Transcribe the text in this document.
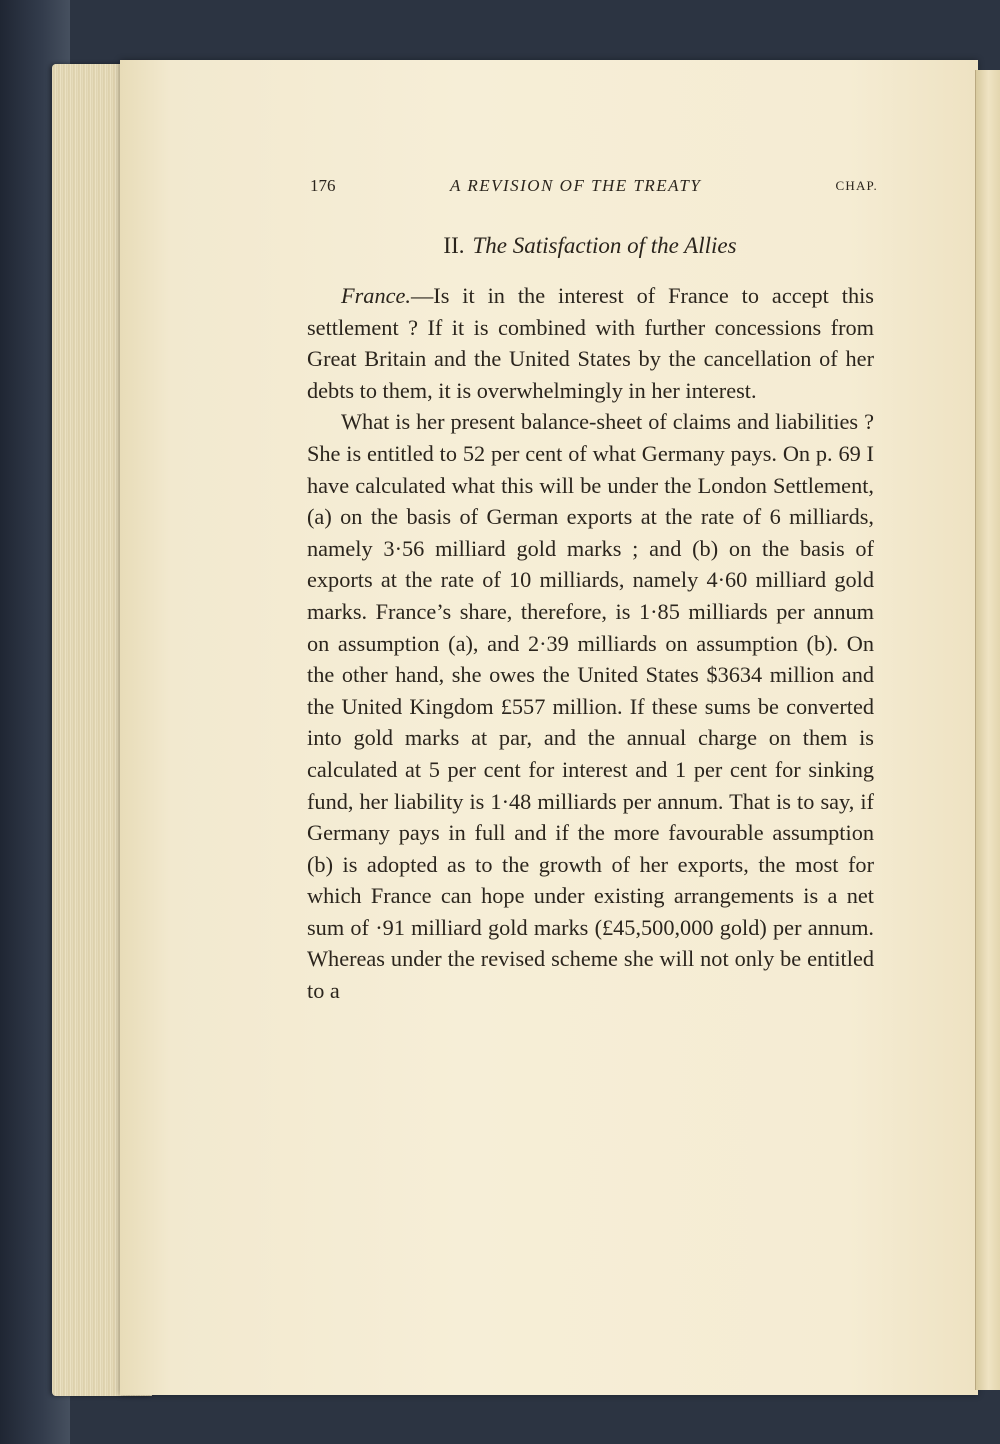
176	A REVISION OF THE TREATY	CHAP.
II. The Satisfaction of the Allies

France.—Is it in the interest of France to accept this settlement ? If it is combined with further concessions from Great Britain and the United States by the cancellation of her debts to them, it is overwhelmingly in her interest.

What is her present balance-sheet of claims and liabilities ? She is entitled to 52 per cent of what Germany pays. On p. 69 I have calculated what this will be under the London Settlement, (a) on the basis of German exports at the rate of 6 milliards, namely 3·56 milliard gold marks ; and (b) on the basis of exports at the rate of 10 milliards, namely 4·60 milliard gold marks. France’s share, therefore, is 1·85 milliards per annum on assumption (a), and 2·39 milliards on assumption (b). On the other hand, she owes the United States $3634 million and the United Kingdom £557 million. If these sums be converted into gold marks at par, and the annual charge on them is calculated at 5 per cent for interest and 1 per cent for sinking fund, her liability is 1·48 milliards per annum. That is to say, if Germany pays in full and if the more favourable assumption (b) is adopted as to the growth of her exports, the most for which France can hope under existing arrangements is a net sum of ·91 milliard gold marks (£45,500,000 gold) per annum. Whereas under the revised scheme she will not only be entitled to a
